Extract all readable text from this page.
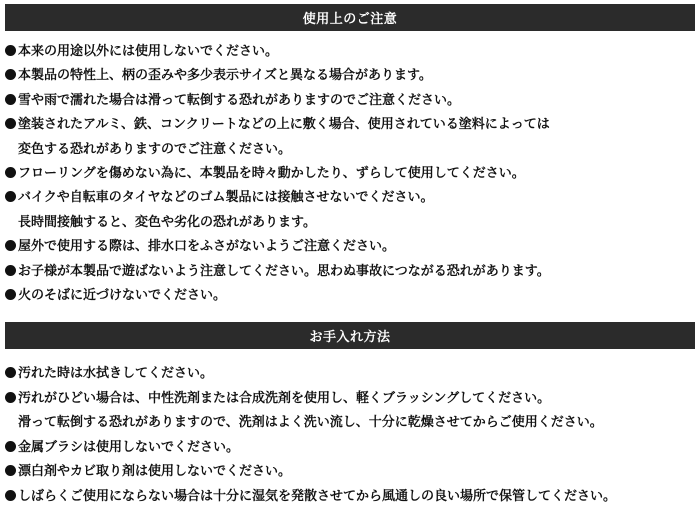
使用上のご注意
本来の用途以外には使用しないでください。
本製品の特性上、柄の歪みや多少表示サイズと異なる場合があります。
雪や雨で濡れた場合は滑って転倒する恐れがありますのでご注意ください。
塗装されたアルミ、鉄、コンクリートなどの上に敷く場合、使用されている塗料によっては
変色する恐れがありますのでご注意ください。
フローリングを傷めない為に、本製品を時々動かしたり、ずらして使用してください。
バイクや自転車のタイヤなどのゴム製品には接触させないでください。
長時間接触すると、変色や劣化の恐れがあります。
屋外で使用する際は、排水口をふさがないようご注意ください。
お子様が本製品で遊ばないよう注意してください。思わぬ事故につながる恐れがあります。
火のそばに近づけないでください。
お手入れ方法
汚れた時は水拭きしてください。
汚れがひどい場合は、中性洗剤または合成洗剤を使用し、軽くブラッシングしてください。
滑って転倒する恐れがありますので、洗剤はよく洗い流し、十分に乾燥させてからご使用ください。
金属ブラシは使用しないでください。
漂白剤やカビ取り剤は使用しないでください。
しばらくご使用にならない場合は十分に湿気を発散させてから風通しの良い場所で保管してください。
